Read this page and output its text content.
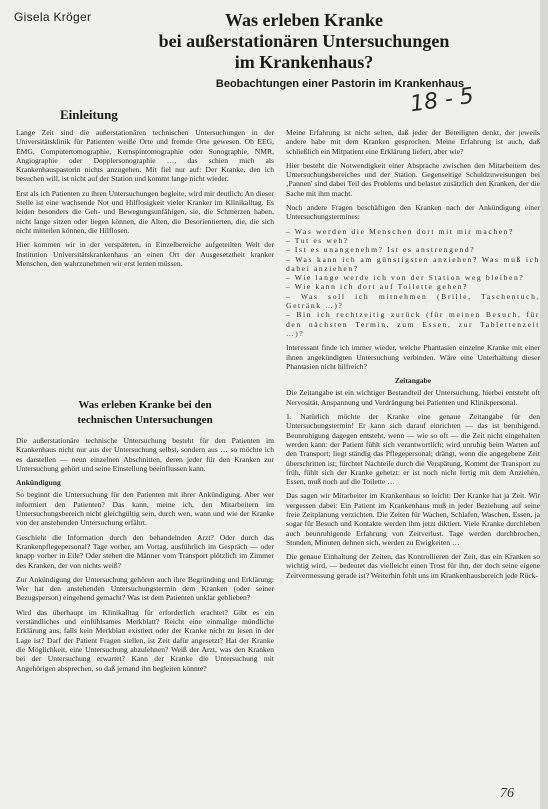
Gisela Kröger	Was erleben Kranke
bei außerstationären Untersuchungen
im Krankenhaus?
Beobachtungen einer Pastorin im Krankenhaus
18 - 5
Einleitung

Lange Zeit sind die außerstationären technischen Untersuchungen in der Universitätsklinik für Patienten weiße Orte und fremde Orte gewesen. Ob EEG, EMG, Computertomographie, Kernspintomographie oder Sonographie, NMR, Angiographie oder Dopplersonographie …, das schien mich als Krankenhauspastorin nichts anzugehen. Mit fiel nur auf: Der Kranke, den ich besuchen will, ist nicht auf der Station und kommt lange nicht wieder.

Erst als ich Patienten zu ihren Untersuchungen begleite, wird mir deutlich: An dieser Stelle ist eine wachsende Not und Hilflosigkeit vieler Kranker im Klinikalltag. Es leiden besonders die Geh- und Bewegungsunfähigen, sie, die Schmerzen haben, nicht lange sitzen oder liegen können, die Alten, die Desorientierten, die, die sich nicht mitteilen können, die Hilflosen.

Hier kommen wir in der verspäteten, in Einzelbereiche aufgeteilten Welt der Institution Universitätskrankenhaus an einen Ort der Ausgesetztheit kranker Menschen, den wahrzunehmen wir erst lernen müssen.

Was erleben Kranke bei den
technischen Untersuchungen

Die außerstationäre technische Untersuchung besteht für den Patienten im Krankenhaus nicht nur aus der Untersuchung selbst, sondern aus … so möchte ich es darstellen — neun einzelnen Abschnitten, deren jeder für den Kranken zur Untersuchung gehört und seine Einstellung beeinflussen kann.

Ankündigung

So beginnt die Untersuchung für den Patienten mit ihrer Ankündigung. Aber wer informiert den Patienten? Das kann, meine ich, den Mitarbeitern im Untersuchungsbereich nicht gleichgültig sein, durch wen, wann und wie der Kranke von der anstehenden Untersuchung erfährt.

Geschieht die Information durch den behandelnden Arzt? Oder durch das Krankenpflegepersonal? Tage vorher, am Vortag, ausführlich im Gespräch — oder knapp vorher in Eile? Oder stehen die Männer vom Transport plötzlich im Zimmer des Kranken, der von nichts weiß?

Zur Ankündigung der Untersuchung gehören auch ihre Begründung und Erklärung: Wer hat den anstehenden Untersuchungstermin dem Kranken (oder seiner Bezugsperson) eingehend gemacht? Was ist dem Patienten unklar geblieben?

Wird das überhaupt im Klinikalltag für erforderlich erachtet? Gibt es ein verständliches und einfühlsames Merkblatt? Reicht eine einmalige mündliche Erklärung aus, falls kein Merkblatt existiert oder der Kranke nicht zu lesen in der Lage ist? Darf der Patient Fragen stellen, ist Zeit dafür angesetzt? Hat der Kranke die Möglichkeit, eine Untersuchung abzulehnen? Weiß der Arzt, was den Kranken bei der Untersuchung erwartet? Kann der Kranke die Untersuchung mit Angehörigen absprechen, so daß jemand ihn begleiten könnte?

Meine Erfahrung ist nicht selten, daß jeder der Beteiligten denkt, der jeweils andere habe mit dem Kranken gesprochen. Meine Erfahrung ist auch, daß schließlich ein Mitpatient eine Erklärung liefert, aber wie?

Hier besteht die Notwendigkeit einer Absprache zwischen den Mitarbeitern des Untersuchungsbereiches und der Station. Gegenseitige Schuldzuweisungen bei ‚Pannen' sind dabei Teil des Problems und belastet zusätzlich den Kranken, der die Sache mit ihm macht.

Noch andere Fragen beschäftigen den Kranken nach der Ankündigung einer Untersuchungstermines:

– Was werden die Menschen dort mit mir machen?
– Tut es weh?
– Ist es unangenehm? Ist es anstrengend?
– Was kann ich am günstigsten anziehen? Was muß ich dabei anziehen?
– Wie lange werde ich von der Station weg bleiben?
– Wie kann ich dort auf Toilette gehen?
– Was soll ich mitnehmen (Brille, Taschentuch, Getränk …)?
– Bin ich rechtzeitig zurück (für meinen Besuch, für den nächsten Termin, zum Essen, zur Tablettenzeit …)?

Interessant finde ich immer wieder, welche Phantasien einzelne Kranke mit einer ihnen angekündigten Untersuchung verbinden. Wäre eine Unterhaltung dieser Phantasien nicht hilfreich?

Zeitangabe

Die Zeitangabe ist ein wichtiger Bestandteil der Untersuchung, hierbei entsteht oft Nervosität, Anspannung und Verdrängung bei Patienten und Klinikpersonal.

1. Natürlich möchte der Kranke eine genaue Zeitangabe für den Untersuchungstermin! Er kann sich darauf einrichten — das ist beruhigend. Beunruhigung dagegen entsteht, wenn — wie so oft — die Zeit nicht eingehalten werden kann: der Patient fühlt sich verantwortlich; wird unruhig beim Warten auf den Transport; liegt ständig das Pflegepersonal; drängt, wenn die angegebene Zeit überschritten ist; fürchtet Nachteile durch die Verspätung. Kommt der Transport zu früh, fühlt sich der Kranke gehetzt: er ist noch nicht fertig mit dem Anziehen, Essen, muß noch auf die Toilette …

Das sagen wir Mitarbeiter im Krankenhaus so leicht: Der Kranke hat ja Zeit. Wir vergessen dabei: Ein Patient im Krankenhaus muß in jeder Beziehung auf seine freie Zeitplanung verzichten. Die Zeiten für Wachen, Schlafen, Waschen, Essen, ja sogar für Besuch und Kontakte werden ihm jetzt diktiert. Viele Kranke durchleben auch beunruhigende Erfahrung von Zeitverlust. Tage werden durchbrochen, Stunden, Minuten dehnen sich, werden zu Ewigkeiten …

Die genaue Einhaltung der Zeiten, das Kontrollieren der Zeit, das ein Kranken so wichtig wird, — bedeutet das vielleicht einen Trost für ihn, der doch seine eigene Zeitvermessung gerade ist? Weiterhin fehlt uns im Krankenhausbereich jede Rück-

76
